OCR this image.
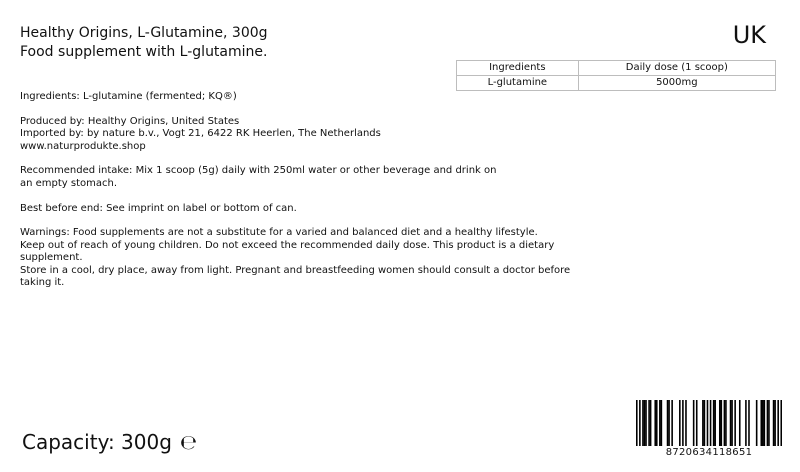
Healthy Origins, L-Glutamine, 300g
Food supplement with L-glutamine.
UK
Ingredients	Daily dose (1 scoop)
L-glutamine	5000mg

Ingredients: L-glutamine (fermented; KQ®)

Produced by: Healthy Origins, United States
Imported by: by nature b.v., Vogt 21, 6422 RK Heerlen, The Netherlands
www.naturprodukte.shop

Recommended intake: Mix 1 scoop (5g) daily with 250ml water or other beverage and drink on
an empty stomach.

Best before end: See imprint on label or bottom of can.

Warnings: Food supplements are not a substitute for a varied and balanced diet and a healthy lifestyle.
Keep out of reach of young children. Do not exceed the recommended daily dose. This product is a dietary supplement.
Store in a cool, dry place, away from light. Pregnant and breastfeeding women should consult a doctor before taking it.

Capacity: 300g ℮	8720634118651
